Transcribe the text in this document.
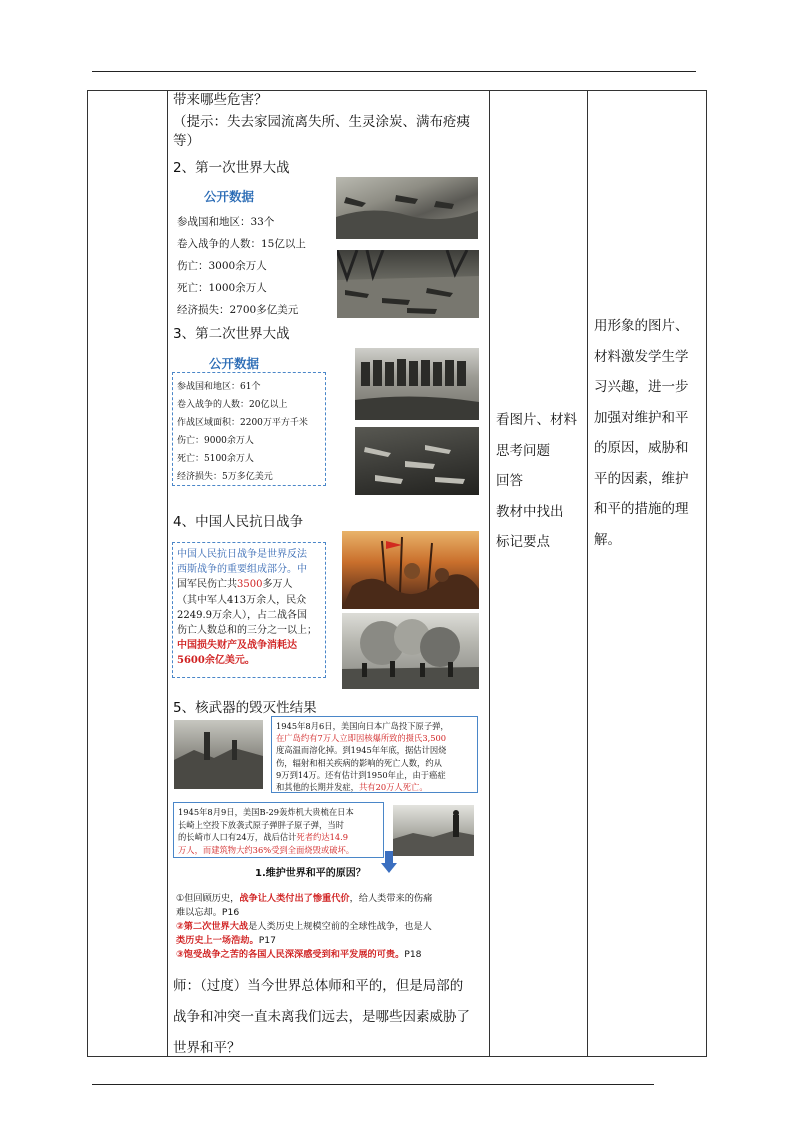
带来哪些危害？
（提示：失去家园流离失所、生灵涂炭、满布疮痍
等）
2、第一次世界大战
公开数据
参战国和地区：33个
卷入战争的人数：15亿以上
伤亡：3000余万人
死亡：1000余万人
经济损失：2700多亿美元
3、第二次世界大战
公开数据
参战国和地区：61个
卷入战争的人数：20亿以上
作战区域面积：2200万平方千米
伤亡：9000余万人
死亡：5100余万人
经济损失：5万多亿美元
4、中国人民抗日战争
中国人民抗日战争是世界反法
西斯战争的重要组成部分。中
国军民伤亡共3500多万人
（其中军人413万余人，民众
2249.9万余人），占二战各国
伤亡人数总和的三分之一以上；
中国损失财产及战争消耗达
5600余亿美元。
5、核武器的毁灭性结果
1945年8月6日，美国向日本广岛投下原子弹，
在广岛约有7万人立即因核爆所致的摄氏3,500
度高温而溶化掉。到1945年年底，据估计因烧
伤，辐射和相关疾病的影响的死亡人数，约从
9万到14万。还有估计到1950年止，由于癌症
和其他的长期并发症，共有20万人死亡。
1945年8月9日，美国B-29轰炸机大贵梳在日本
长崎上空投下放袭式原子弹胖子原子弹，当时
的长崎市人口有24万，战后估计死者约达14.9
万人，而建筑物大约36%受到全面烧毁或破坏。
1.维护世界和平的原因？
①但回顾历史，战争让人类付出了惨重代价，给人类带来的伤痛
难以忘却。P16
②第二次世界大战是人类历史上规模空前的全球性战争，也是人
类历史上一场浩劫。P17
③饱受战争之苦的各国人民深深感受到和平发展的可贵。P18
师：（过度）当今世界总体师和平的，但是局部的
战争和冲突一直未离我们远去，是哪些因素威胁了
世界和平？
看图片、材料
思考问题
回答
教材中找出
标记要点
用形象的图片、
材料激发学生学
习兴趣，进一步
加强对维护和平
的原因，威胁和
平的因素，维护
和平的措施的理
解。
